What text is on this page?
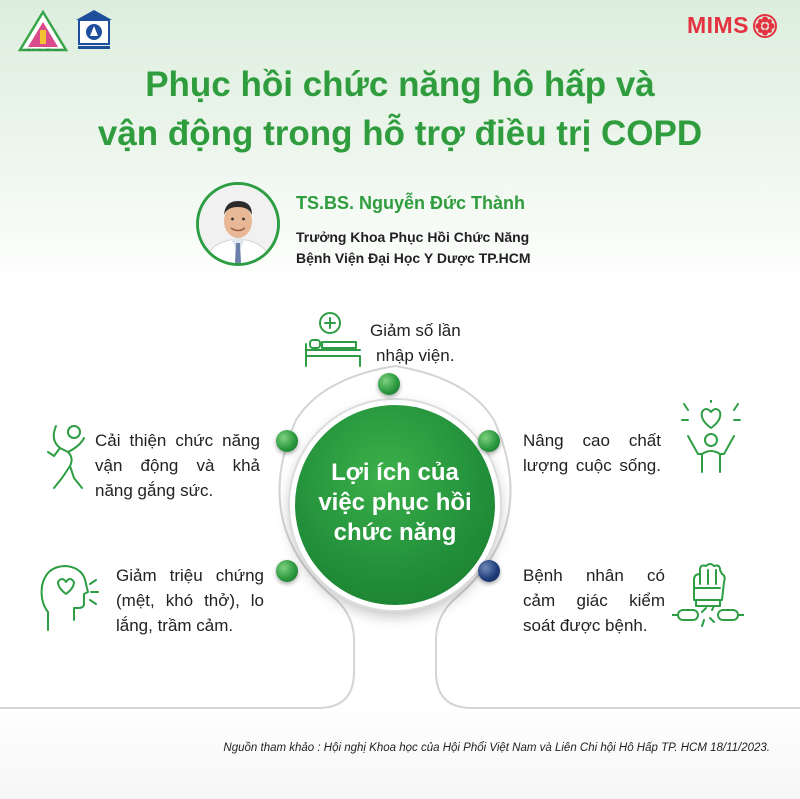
HỘI PHỔI VIỆT NAM
MIMS
Phục hồi chức năng hô hấp và
vận động trong hỗ trợ điều trị COPD
TS.BS. Nguyễn Đức Thành
Trưởng Khoa Phục Hồi Chức Năng
Bệnh Viện Đại Học Y Dược TP.HCM
Lợi ích của
việc phục hồi
chức năng
Giảm số lần
nhập viện.
Cải thiện chức năng
vận động và khả
năng gắng sức.
Giảm triệu chứng
(mệt, khó thở), lo
lắng, trầm cảm.
Nâng cao chất
lượng cuộc sống.
Bệnh nhân có
cảm giác kiểm
soát được bệnh.
Nguồn tham khảo : Hội nghị Khoa học của Hội Phổi Việt Nam và Liên Chi hội Hô Hấp TP. HCM 18/11/2023.
